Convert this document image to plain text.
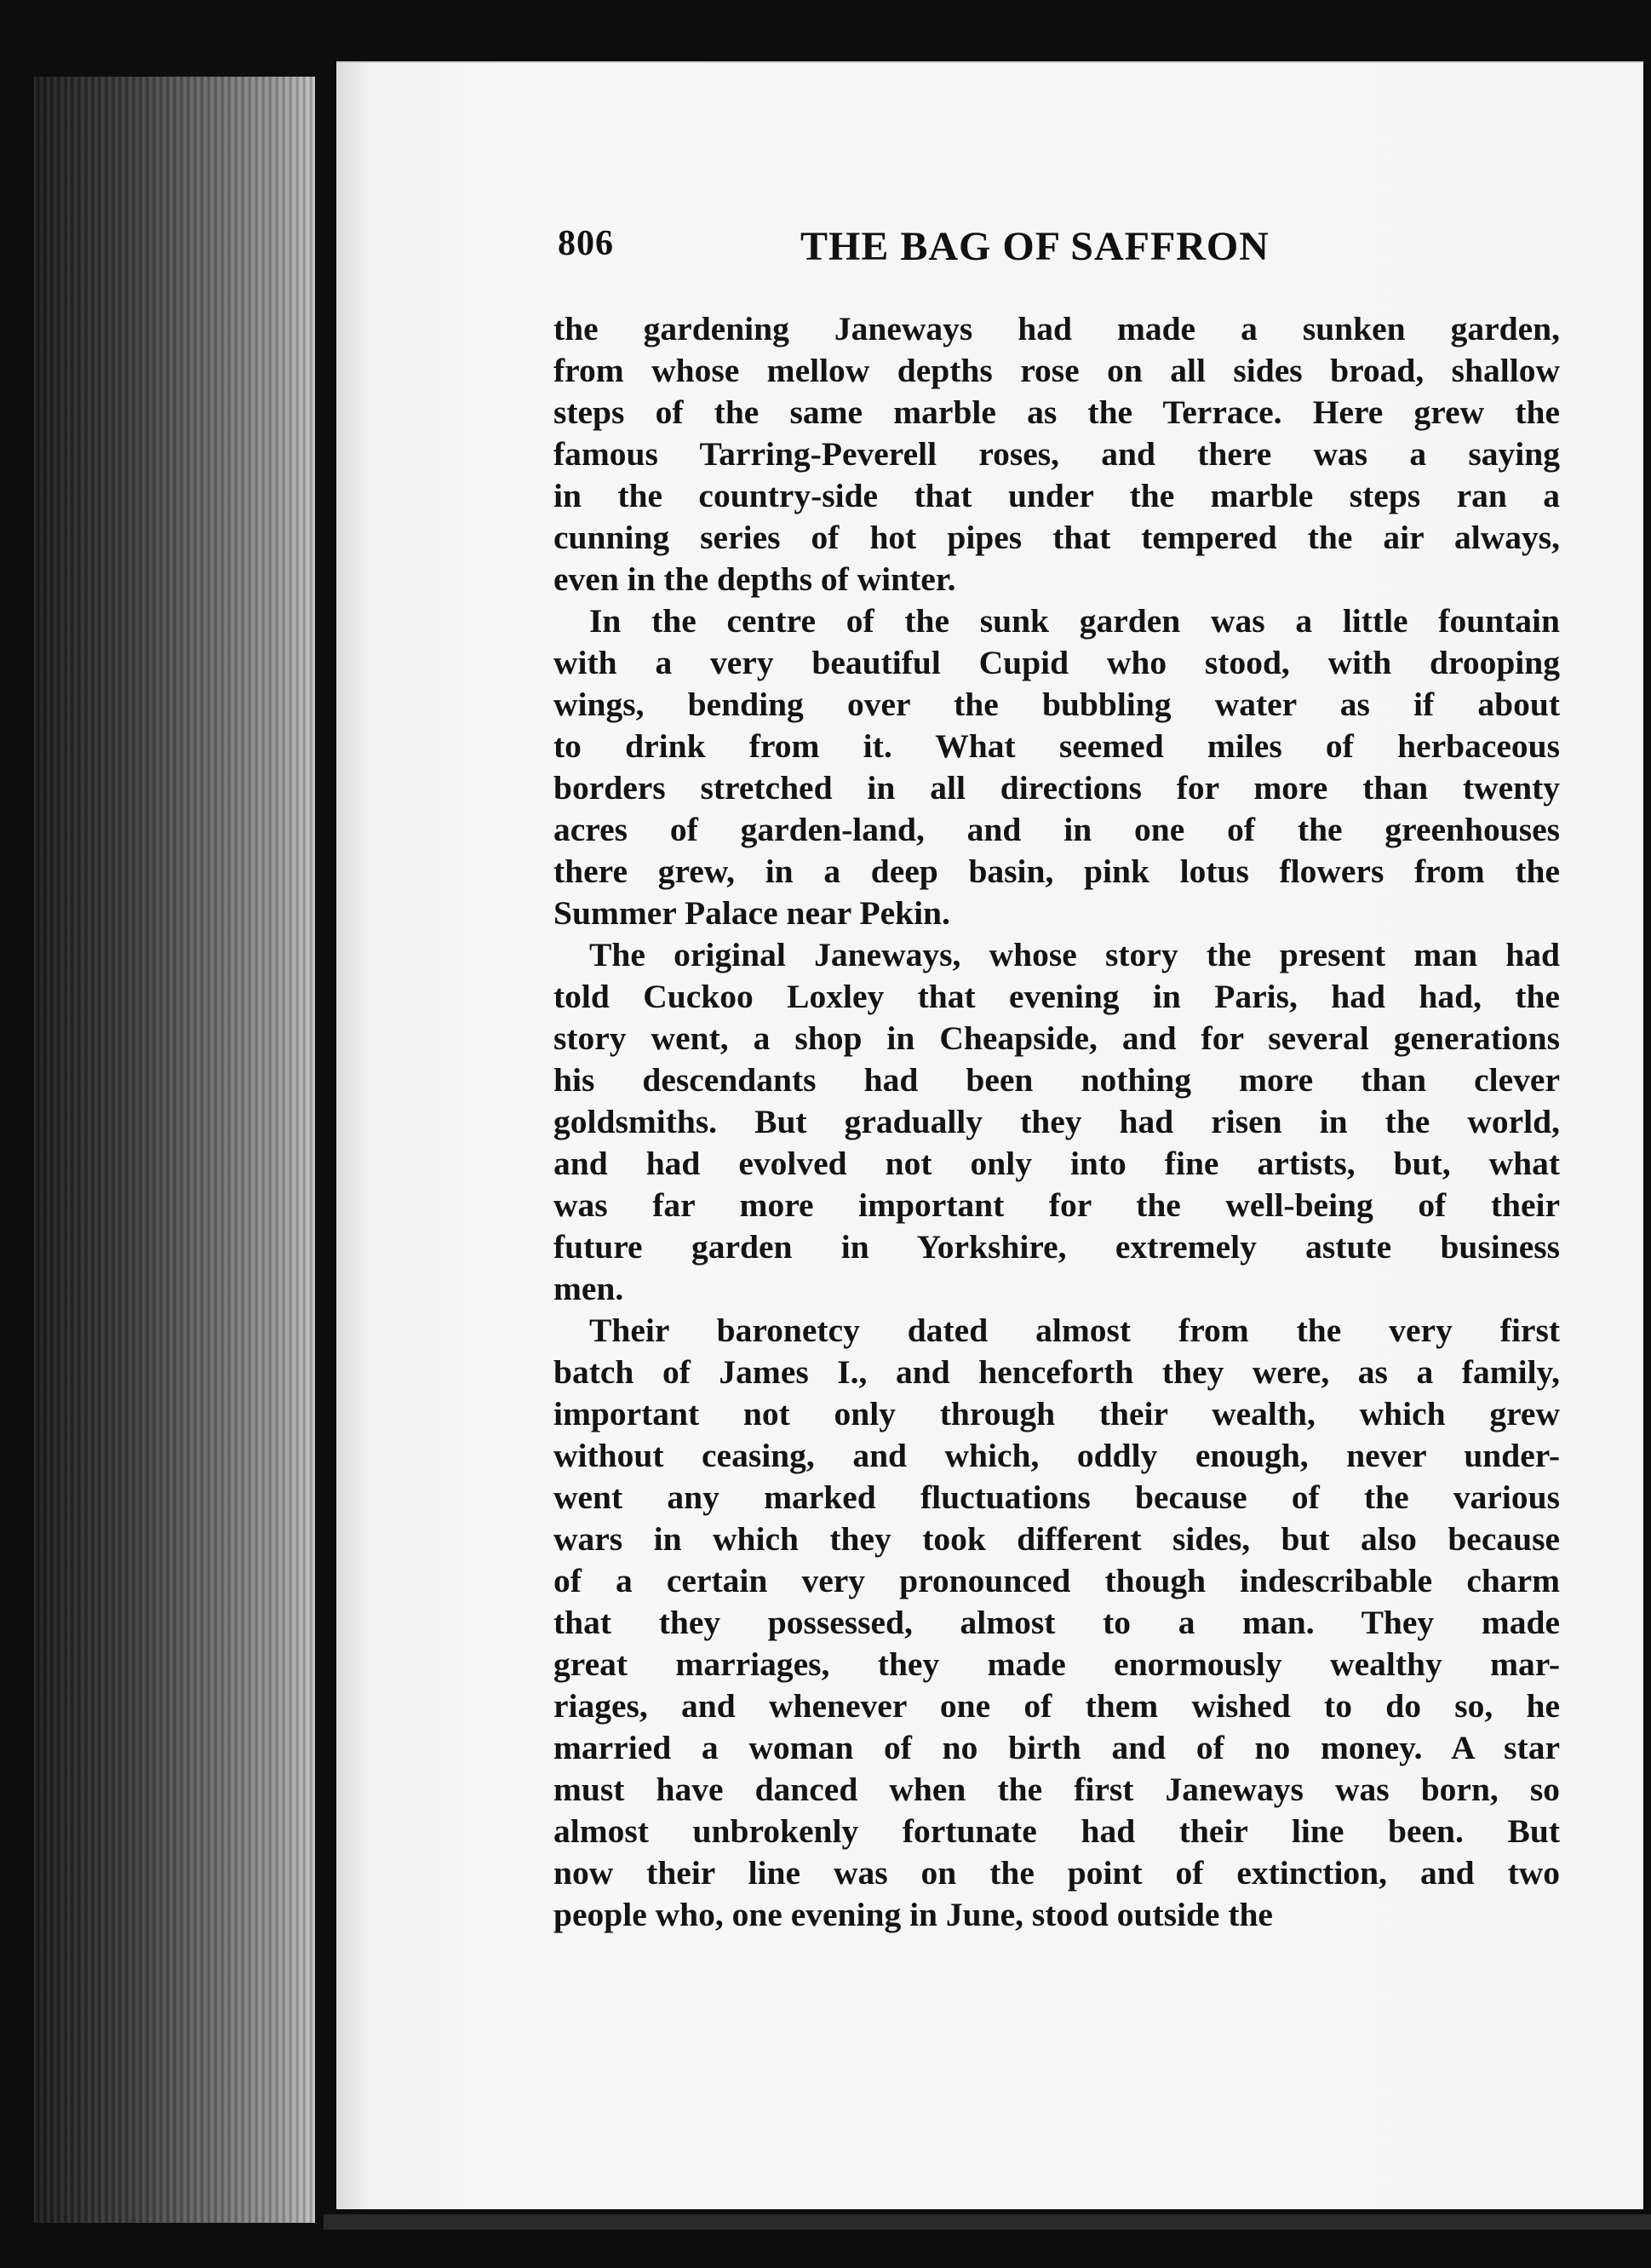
806	THE BAG OF SAFFRON
the gardening Janeways had made a sunken garden,
from whose mellow depths rose on all sides broad, shallow
steps of the same marble as the Terrace. Here grew the
famous Tarring-Peverell roses, and there was a saying
in the country-side that under the marble steps ran a
cunning series of hot pipes that tempered the air always,
even in the depths of winter.
In the centre of the sunk garden was a little fountain
with a very beautiful Cupid who stood, with drooping
wings, bending over the bubbling water as if about
to drink from it. What seemed miles of herbaceous
borders stretched in all directions for more than twenty
acres of garden-land, and in one of the greenhouses
there grew, in a deep basin, pink lotus flowers from the
Summer Palace near Pekin.
The original Janeways, whose story the present man had
told Cuckoo Loxley that evening in Paris, had had, the
story went, a shop in Cheapside, and for several generations
his descendants had been nothing more than clever
goldsmiths. But gradually they had risen in the world,
and had evolved not only into fine artists, but, what
was far more important for the well-being of their
future garden in Yorkshire, extremely astute business
men.
Their baronetcy dated almost from the very first
batch of James I., and henceforth they were, as a family,
important not only through their wealth, which grew
without ceasing, and which, oddly enough, never under-
went any marked fluctuations because of the various
wars in which they took different sides, but also because
of a certain very pronounced though indescribable charm
that they possessed, almost to a man. They made
great marriages, they made enormously wealthy mar-
riages, and whenever one of them wished to do so, he
married a woman of no birth and of no money. A star
must have danced when the first Janeways was born, so
almost unbrokenly fortunate had their line been. But
now their line was on the point of extinction, and two
people who, one evening in June, stood outside the
